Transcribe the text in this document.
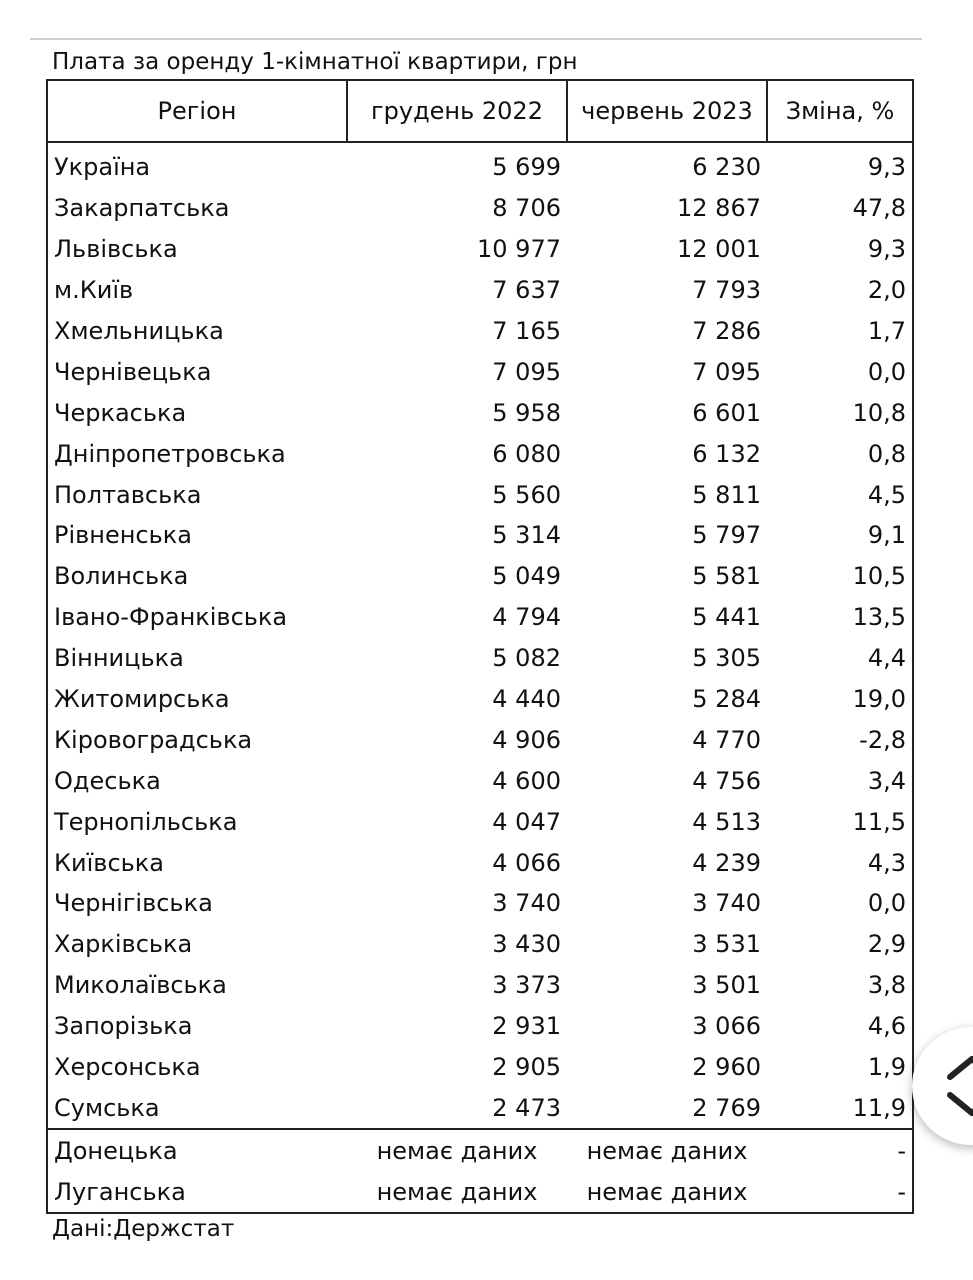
Плата за оренду 1-кімнатної квартири, грн
Регіон	грудень 2022	червень 2023	Зміна, %
Україна	5 699	6 230	9,3
Закарпатська	8 706	12 867	47,8
Львівська	10 977	12 001	9,3
м.Київ	7 637	7 793	2,0
Хмельницька	7 165	7 286	1,7
Чернівецька	7 095	7 095	0,0
Черкаська	5 958	6 601	10,8
Дніпропетровська	6 080	6 132	0,8
Полтавська	5 560	5 811	4,5
Рівненська	5 314	5 797	9,1
Волинська	5 049	5 581	10,5
Івано-Франківська	4 794	5 441	13,5
Вінницька	5 082	5 305	4,4
Житомирська	4 440	5 284	19,0
Кіровоградська	4 906	4 770	-2,8
Одеська	4 600	4 756	3,4
Тернопільська	4 047	4 513	11,5
Київська	4 066	4 239	4,3
Чернігівська	3 740	3 740	0,0
Харківська	3 430	3 531	2,9
Миколаївська	3 373	3 501	3,8
Запорізька	2 931	3 066	4,6
Херсонська	2 905	2 960	1,9
Сумська	2 473	2 769	11,9
Донецька	немає даних	немає даних	-
Луганська	немає даних	немає даних	-
Дані:Держстат
